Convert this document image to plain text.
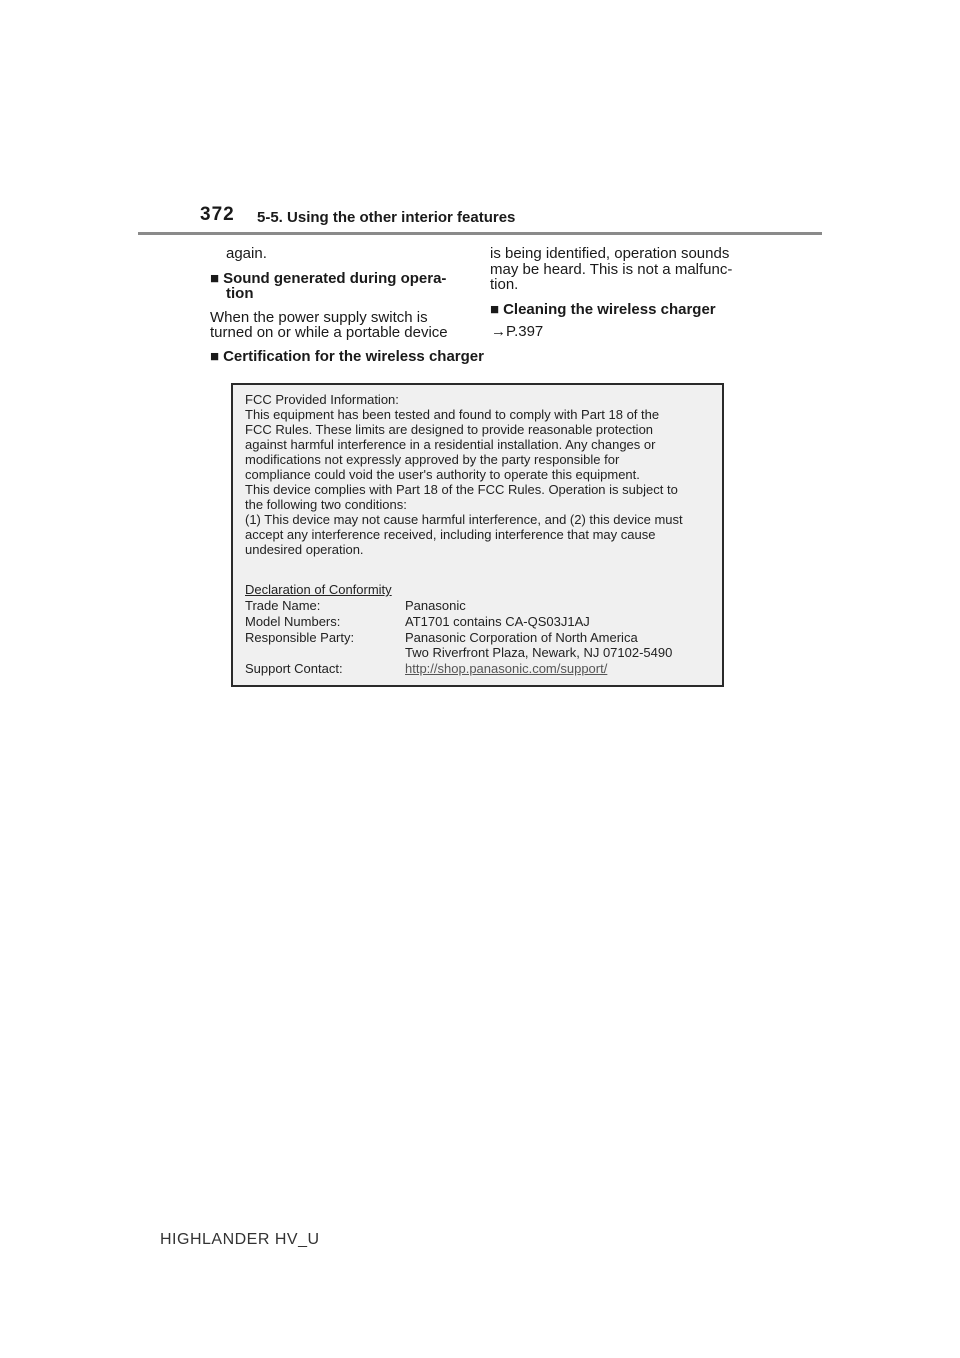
372 5-5. Using the other interior features
again.
■ Sound generated during opera-
tion
When the power supply switch is
turned on or while a portable device
is being identified, operation sounds
may be heard. This is not a malfunc-
tion.
■ Cleaning the wireless charger
→P.397
■ Certification for the wireless charger
FCC Provided Information:
This equipment has been tested and found to comply with Part 18 of the
FCC Rules. These limits are designed to provide reasonable protection
against harmful interference in a residential installation. Any changes or
modifications not expressly approved by the party responsible for
compliance could void the user's authority to operate this equipment.
This device complies with Part 18 of the FCC Rules. Operation is subject to
the following two conditions:
(1) This device may not cause harmful interference, and (2) this device must
accept any interference received, including interference that may cause
undesired operation.
Declaration of Conformity
Trade Name:	Panasonic
Model Numbers:	AT1701 contains CA-QS03J1AJ
Responsible Party:	Panasonic Corporation of North America
Two Riverfront Plaza, Newark, NJ 07102-5490
Support Contact:	http://shop.panasonic.com/support/
HIGHLANDER HV_U
